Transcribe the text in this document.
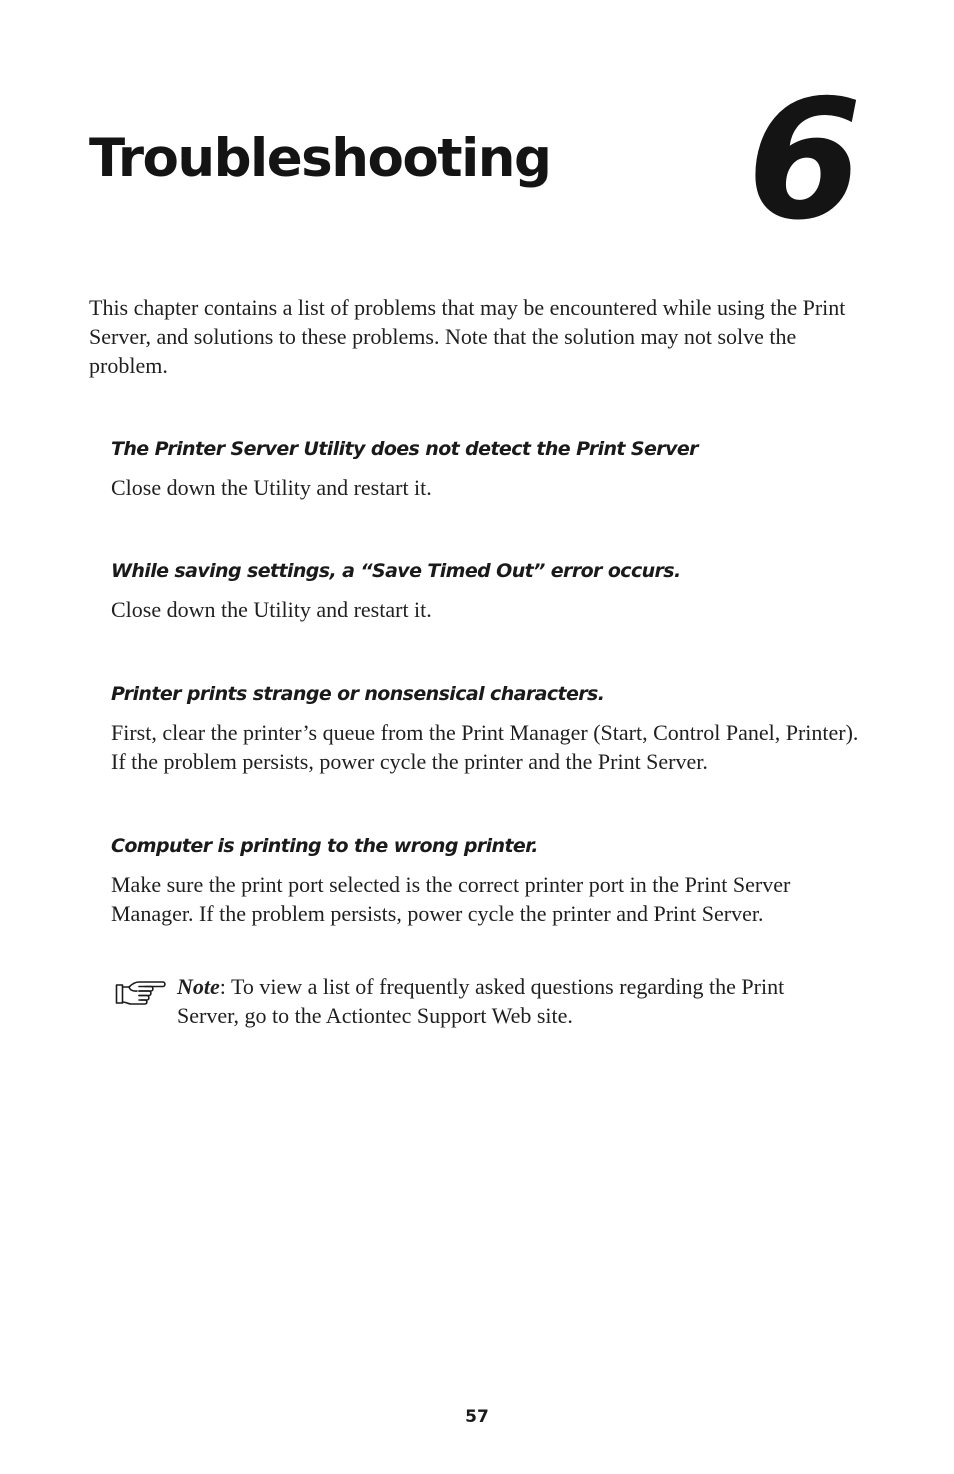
Troubleshooting 6

This chapter contains a list of problems that may be encountered while using the Print Server, and solutions to these problems. Note that the solution may not solve the problem.

The Printer Server Utility does not detect the Print Server

Close down the Utility and restart it.

While saving settings, a “Save Timed Out” error occurs.

Close down the Utility and restart it.

Printer prints strange or nonsensical characters.

First, clear the printer’s queue from the Print Manager (Start, Control Panel, Printer). If the problem persists, power cycle the printer and the Print Server.

Computer is printing to the wrong printer.

Make sure the print port selected is the correct printer port in the Print Server Manager. If the problem persists, power cycle the printer and Print Server.

Note: To view a list of frequently asked questions regarding the Print Server, go to the Actiontec Support Web site.

57
